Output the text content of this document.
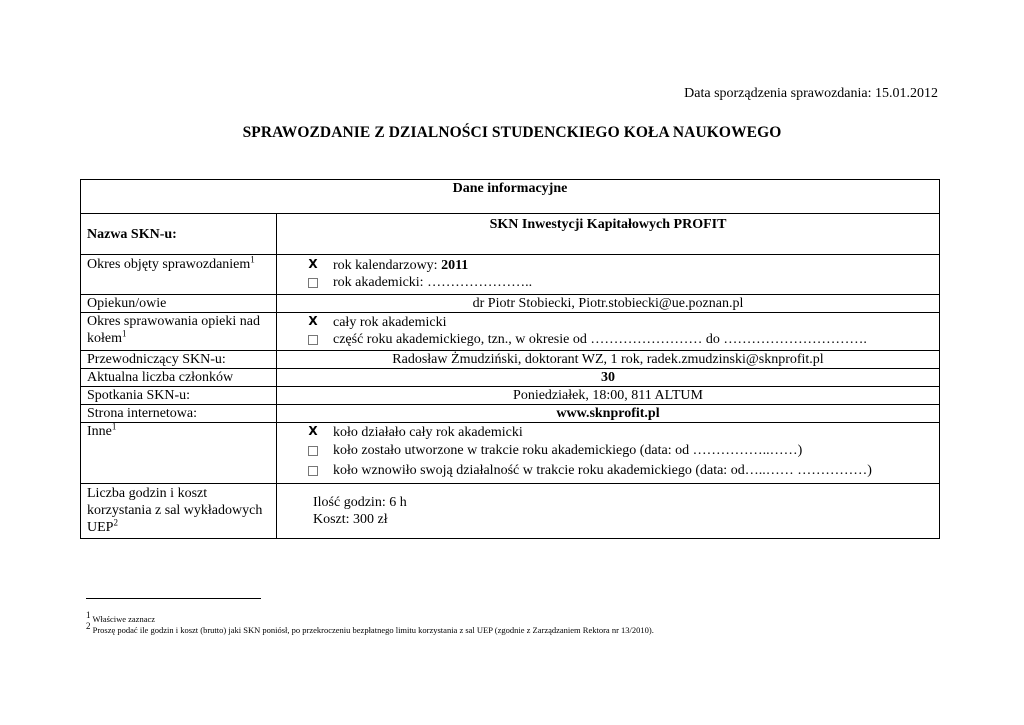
Data sporządzenia sprawozdania: 15.01.2012
SPRAWOZDANIE Z DZIALNOŚCI STUDENCKIEGO KOŁA NAUKOWEGO
Dane informacyjne	
Nazwa SKN-u:	SKN Inwestycji Kapitałowych PROFIT
Okres objęty sprawozdaniem$^1$	X rok kalendarzowy: 2011
rok akademicki: …………………..

Opiekun/owie	dr Piotr Stobiecki, Piotr.stobiecki@ue.poznan.pl
Okres sprawowania opieki nad kołem$^1$	X cały rok akademicki
część roku akademickiego, tzn., w okresie od …………………… do ………………………….

Przewodniczący SKN-u:	Radosław Żmudziński, doktorant WZ, 1 rok, radek.zmudzinski@sknprofit.pl
Aktualna liczba członków	30
Spotkania SKN-u:	Poniedziałek, 18:00, 811 ALTUM
Strona internetowa:	www.sknprofit.pl
Inne$^1$	X koło działało cały rok akademicki
koło zostało utworzone w trakcie roku akademickiego (data: od ……………..……)
koło wznowiło swoją działalność w trakcie roku akademickiego (data: od…..…… ……………)

Liczba godzin i koszt korzystania z sal wykładowych UEP$^2$	Ilość godzin: 6 h
Koszt: 300 zł
$^1$ Właściwe zaznacz
$^2$ Proszę podać ile godzin i koszt (brutto) jaki SKN poniósł, po przekroczeniu bezpłatnego limitu korzystania z sal UEP (zgodnie z Zarządzaniem Rektora nr 13/2010).
